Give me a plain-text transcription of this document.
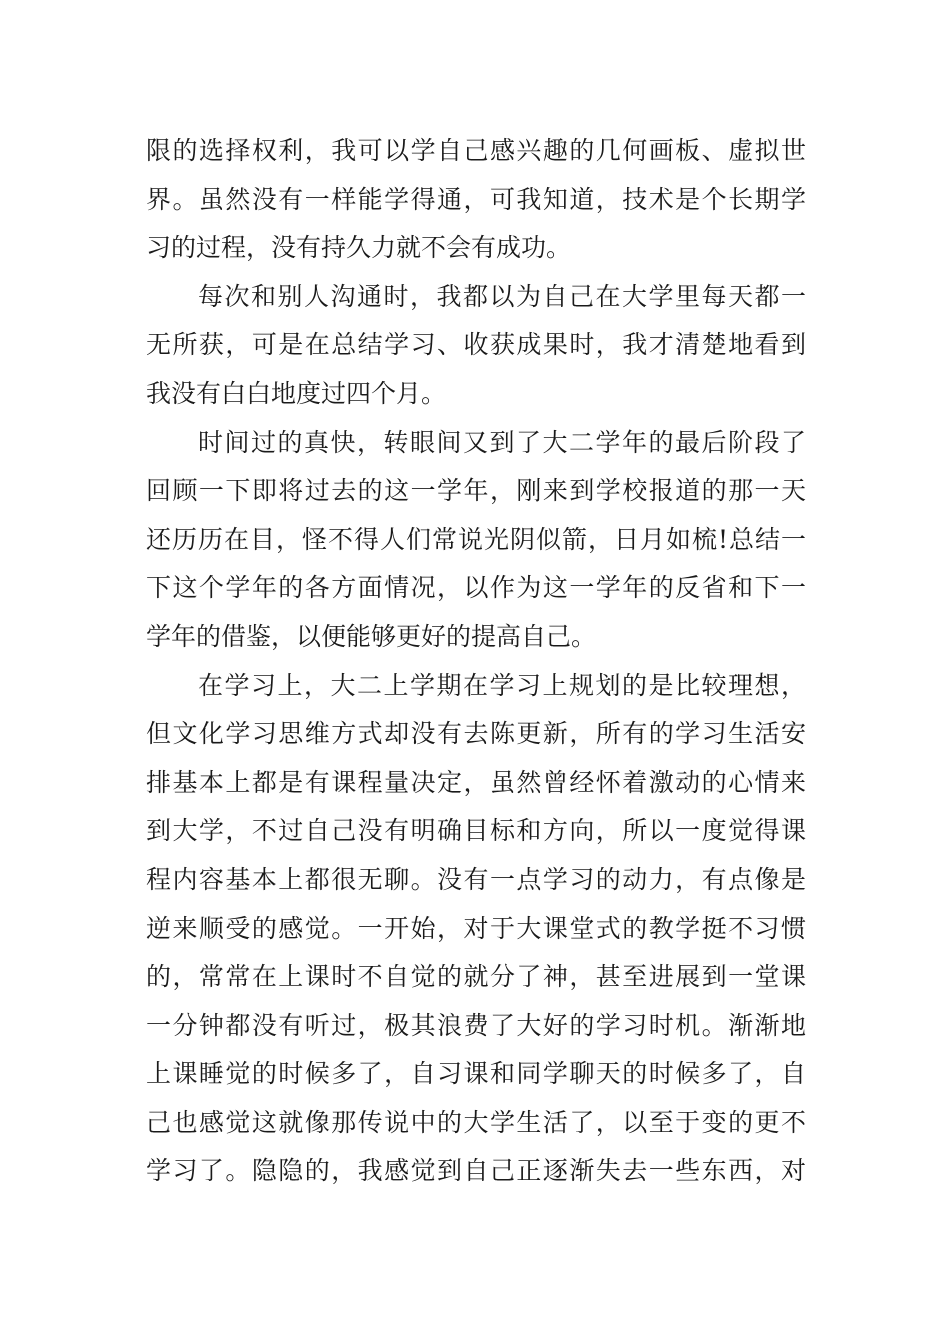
限的选择权利，我可以学自己感兴趣的几何画板、虚拟世
界。虽然没有一样能学得通，可我知道，技术是个长期学
习的过程，没有持久力就不会有成功。
每次和别人沟通时，我都以为自己在大学里每天都一
无所获，可是在总结学习、收获成果时，我才清楚地看到
我没有白白地度过四个月。
时间过的真快，转眼间又到了大二学年的最后阶段了
回顾一下即将过去的这一学年，刚来到学校报道的那一天
还历历在目，怪不得人们常说光阴似箭，日月如梳!总结一
下这个学年的各方面情况，以作为这一学年的反省和下一
学年的借鉴，以便能够更好的提高自己。
在学习上，大二上学期在学习上规划的是比较理想，
但文化学习思维方式却没有去陈更新，所有的学习生活安
排基本上都是有课程量决定，虽然曾经怀着激动的心情来
到大学，不过自己没有明确目标和方向，所以一度觉得课
程内容基本上都很无聊。没有一点学习的动力，有点像是
逆来顺受的感觉。一开始，对于大课堂式的教学挺不习惯
的，常常在上课时不自觉的就分了神，甚至进展到一堂课
一分钟都没有听过，极其浪费了大好的学习时机。渐渐地
上课睡觉的时候多了，自习课和同学聊天的时候多了，自
己也感觉这就像那传说中的大学生活了，以至于变的更不
学习了。隐隐的，我感觉到自己正逐渐失去一些东西，对
